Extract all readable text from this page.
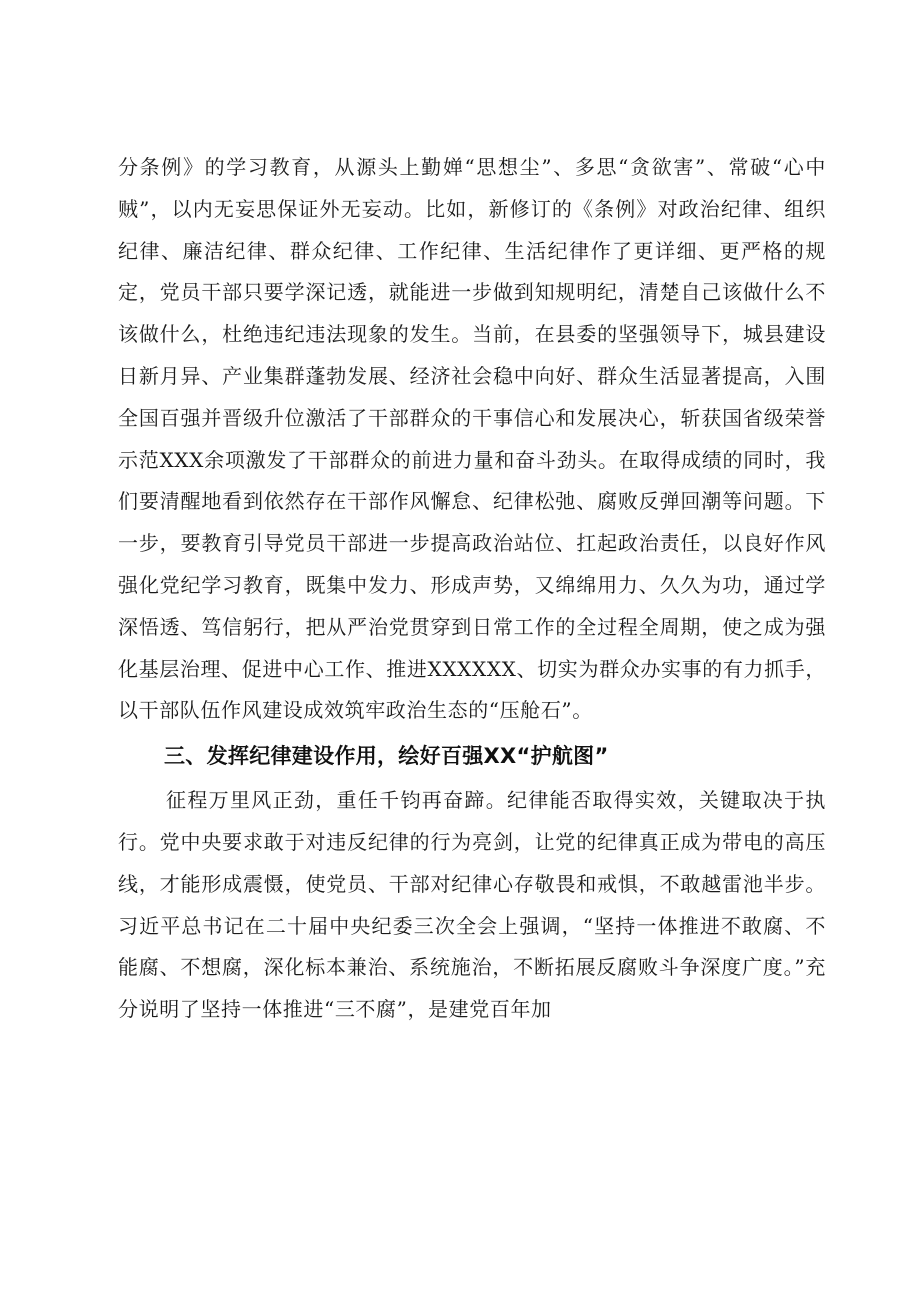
分条例》的学习教育，从源头上勤婵“思想尘”、多思“贪欲害”、常破“心中贼”，以内无妄思保证外无妄动。比如，新修订的《条例》对政治纪律、组织纪律、廉洁纪律、群众纪律、工作纪律、生活纪律作了更详细、更严格的规定，党员干部只要学深记透，就能进一步做到知规明纪，清楚自己该做什么不该做什么，杜绝违纪违法现象的发生。当前，在县委的坚强领导下，城县建设日新月异、产业集群蓬勃发展、经济社会稳中向好、群众生活显著提高，入围全国百强并晋级升位激活了干部群众的干事信心和发展决心，斩获国省级荣誉示范XXX余项激发了干部群众的前进力量和奋斗劲头。在取得成绩的同时，我们要清醒地看到依然存在干部作风懈怠、纪律松弛、腐败反弹回潮等问题。下一步，要教育引导党员干部进一步提高政治站位、扛起政治责任，以良好作风强化党纪学习教育，既集中发力、形成声势，又绵绵用力、久久为功，通过学深悟透、笃信躬行，把从严治党贯穿到日常工作的全过程全周期，使之成为强化基层治理、促进中心工作、推进XXXXXX、切实为群众办实事的有力抓手，以干部队伍作风建设成效筑牢政治生态的“压舱石”。

三、发挥纪律建设作用，绘好百强XX“护航图”

征程万里风正劲，重任千钧再奋蹄。纪律能否取得实效，关键取决于执行。党中央要求敢于对违反纪律的行为亮剑，让党的纪律真正成为带电的高压线，才能形成震慑，使党员、干部对纪律心存敬畏和戒惧，不敢越雷池半步。习近平总书记在二十届中央纪委三次全会上强调，“坚持一体推进不敢腐、不能腐、不想腐，深化标本兼治、系统施治，不断拓展反腐败斗争深度广度。”充分说明了坚持一体推进“三不腐”，是建党百年加
